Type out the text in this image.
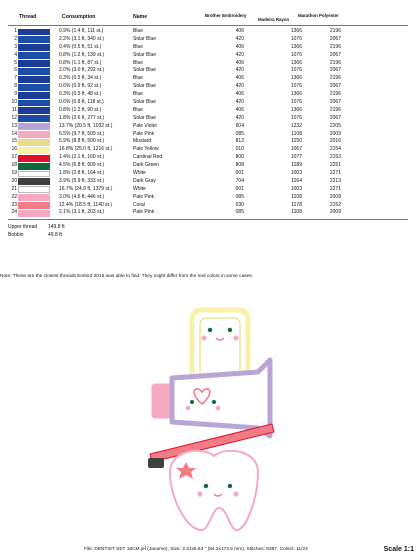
Thread	Consumption	Name	Brother Embroidery
Madeira Rayon
Marathon Polyester
1	0.9% (1.4 ft, 111 st.)	Blue	406	1366	2196
2	2.2% (3.1 ft, 340 st.)	Solar Blue	420	1076	2067
3	0.4% (0.5 ft, 51 st.)	Blue	406	1366	2196
4	0.8% (1.2 ft, 139 st.)	Solar Blue	420	1076	2067
5	0.8% (1.1 ft, 87 st.)	Blue	406	1366	2196
6	2.0% (3.0 ft, 292 st.)	Solar Blue	420	1076	2067
7	0.3% (0.5 ft, 34 st.)	Blue	406	1366	2196
8	0.6% (0.9 ft, 92 st.)	Solar Blue	420	1076	2067
9	0.3% (0.5 ft, 48 st.)	Blue	406	1366	2196
10	0.6% (0.8 ft, 118 st.)	Solar Blue	420	1076	2067
11	0.8% (1.2 ft, 90 st.)	Blue	406	1366	2196
12	1.8% (2.6 ft, 277 st.)	Solar Blue	420	1076	2067
13	13.7% (20.5 ft, 1032 st.)	Pale Violet	604	1232	2205
14	6.5% (9.7 ft, 509 st.)	Pale Pink	085	1108	2009
15	5.9% (8.8 ft, 500 st.)	Mustard	812	1150	2016
16	16.8% (25.0 ft, 1216 st.)	Pale Yellow	010	1067	2154
17	1.4% (2.1 ft, 160 st.)	Cardinal Red	800	1077	2153
18	4.5% (6.8 ft, 609 st.)	Dark Green	808	1189	2251
19	1.8% (2.8 ft, 164 st.)	White	001	1003	2271
20	3.9% (5.9 ft, 333 st.)	Dark Gray	704	1164	2213
21	16.7% (24.9 ft, 1379 st.)	White	001	1003	2271
22	3.0% (4.5 ft, 446 st.)	Pale Pink	085	1108	2009
23	12.4% (18.5 ft, 1140 st.)	Coral	030	1178	2152
24	2.1% (3.1 ft, 203 st.)	Pale Pink	085	1108	2009
Upper thread 149.8 ft
Bobbin	49.8 ft
Note: These are the closest threads Embird 2015 was able to find. They might differ from the real colors in some cases.
File: DENTIST SET 18CM jef (Janome), Size: 3.31x6.63 " (84.2x173.6 mm), Stitches: 9397, Colors: 11/24	Scale 1:1
